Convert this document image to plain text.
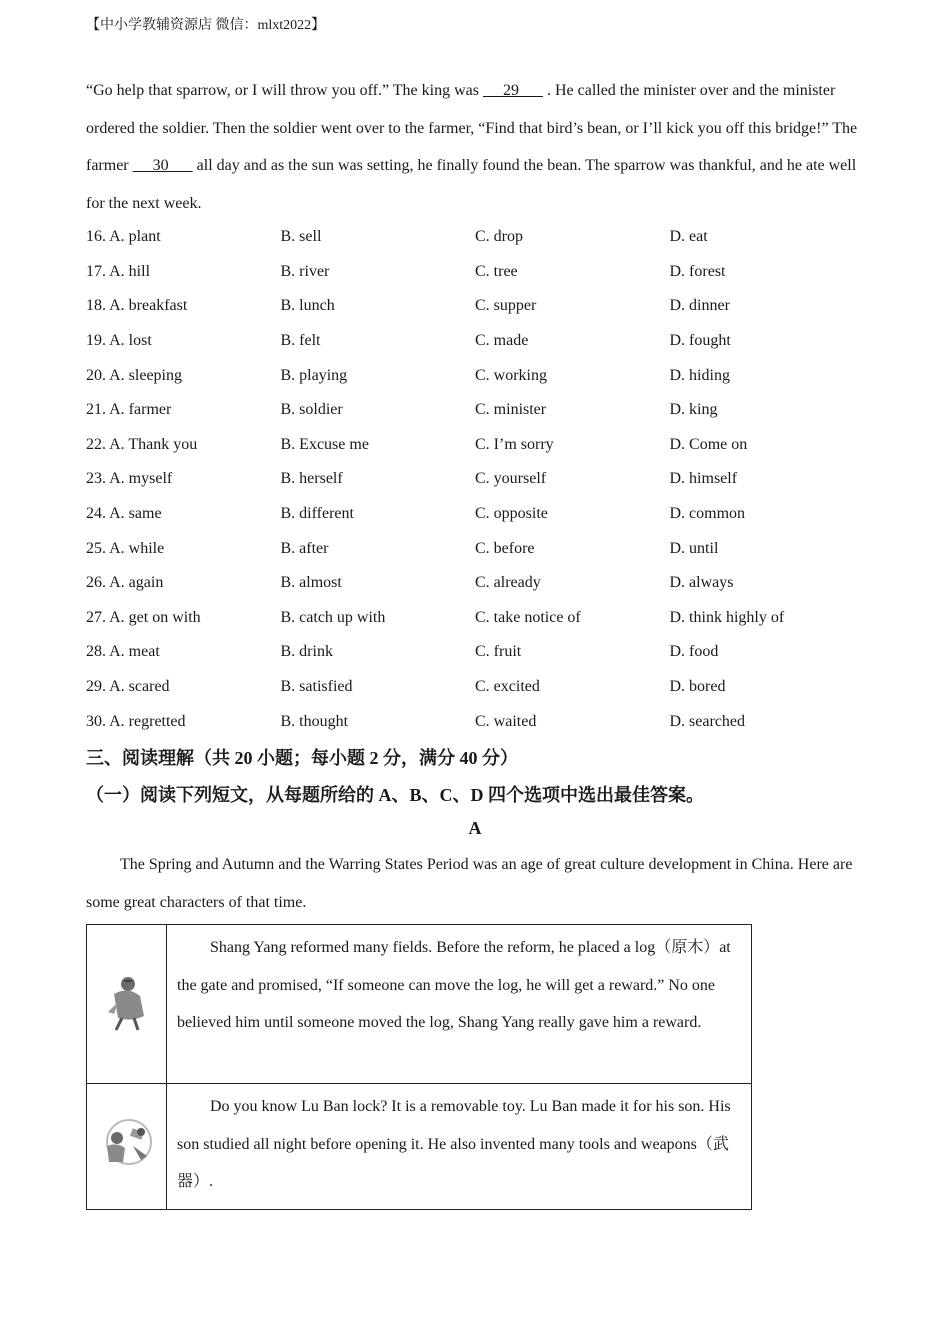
【中小学教辅资源店 微信：mlxt2022】

“Go help that sparrow, or I will throw you off.” The king was      29       . He called the minister over and the minister ordered the soldier. Then the soldier went over to the farmer, “Find that bird’s bean, or I’ll kick you off this bridge!” The farmer      30       all day and as the sun was setting, he finally found the bean. The sparrow was thankful, and he ate well for the next week.

16. A. plant	B. sell	C. drop	D. eat
17. A. hill	B. river	C. tree	D. forest
18. A. breakfast	B. lunch	C. supper	D. dinner
19. A. lost	B. felt	C. made	D. fought
20. A. sleeping	B. playing	C. working	D. hiding
21. A. farmer	B. soldier	C. minister	D. king
22. A. Thank you	B. Excuse me	C. I’m sorry	D. Come on
23. A. myself	B. herself	C. yourself	D. himself
24. A. same	B. different	C. opposite	D. common
25. A. while	B. after	C. before	D. until
26. A. again	B. almost	C. already	D. always
27. A. get on with	B. catch up with	C. take notice of	D. think highly of
28. A. meat	B. drink	C. fruit	D. food
29. A. scared	B. satisfied	C. excited	D. bored
30. A. regretted	B. thought	C. waited	D. searched
三、阅读理解（共 20 小题；每小题 2 分，满分 40 分）
（一）阅读下列短文，从每题所给的 A、B、C、D 四个选项中选出最佳答案。
A

The Spring and Autumn and the Warring States Period was an age of great culture development in China. Here are some great characters of that time.

Shang Yang reformed many fields. Before the reform, he placed a log（原木）at the gate and promised, “If someone can move the log, he will get a reward.” No one believed him until someone moved the log, Shang Yang really gave him a reward.

Do you know Lu Ban lock? It is a removable toy. Lu Ban made it for his son. His son studied all night before opening it. He also invented many tools and weapons（武器）.
